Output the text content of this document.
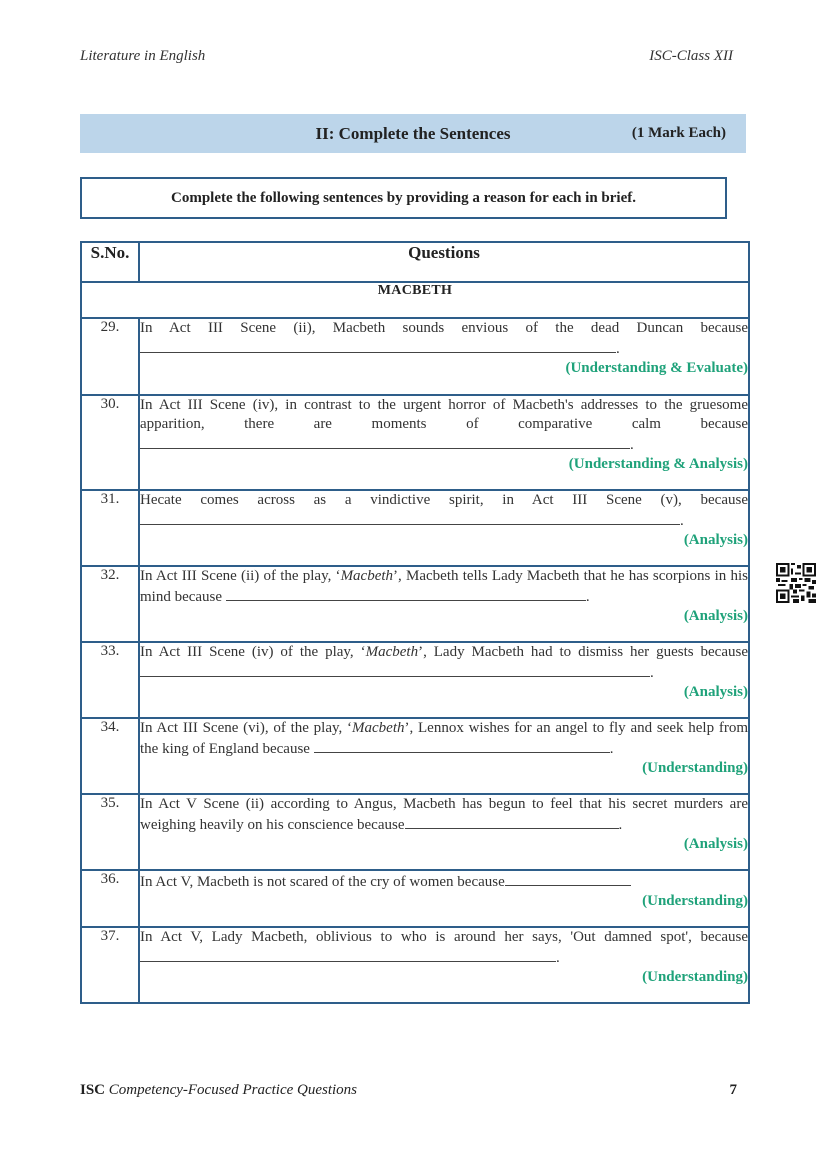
Literature in English	ISC-Class XII
II: Complete the Sentences	(1 Mark Each)
Complete the following sentences by providing a reason for each in brief.
S.No.	Questions
MACBETH	
29.	In Act III Scene (ii), Macbeth sounds envious of the dead Duncan because.
(Understanding & Evaluate)

30.	In Act III Scene (iv), in contrast to the urgent horror of Macbeth's addresses to the gruesome apparition, there are moments of comparative calm because .
(Understanding & Analysis)

31.	Hecate comes across as a vindictive spirit, in Act III Scene (v), because .
(Analysis)

32.	In Act III Scene (ii) of the play, ‘Macbeth’, Macbeth tells Lady Macbeth that he has scorpions in his mind because .
(Analysis)

33.	In Act III Scene (iv) of the play, ‘Macbeth’, Lady Macbeth had to dismiss her guests because .
(Analysis)

34.	In Act III Scene (vi), of the play, ‘Macbeth’, Lennox wishes for an angel to fly and seek help from the king of England because .
(Understanding)

35.	In Act V Scene (ii) according to Angus, Macbeth has begun to feel that his secret murders are weighing heavily on his conscience because .
(Analysis)

36.	In Act V, Macbeth is not scared of the cry of women because
(Understanding)

37.	In Act V, Lady Macbeth, oblivious to who is around her says, 'Out damned spot', because.
(Understanding)
ISC Competency-Focused Practice Questions	7
